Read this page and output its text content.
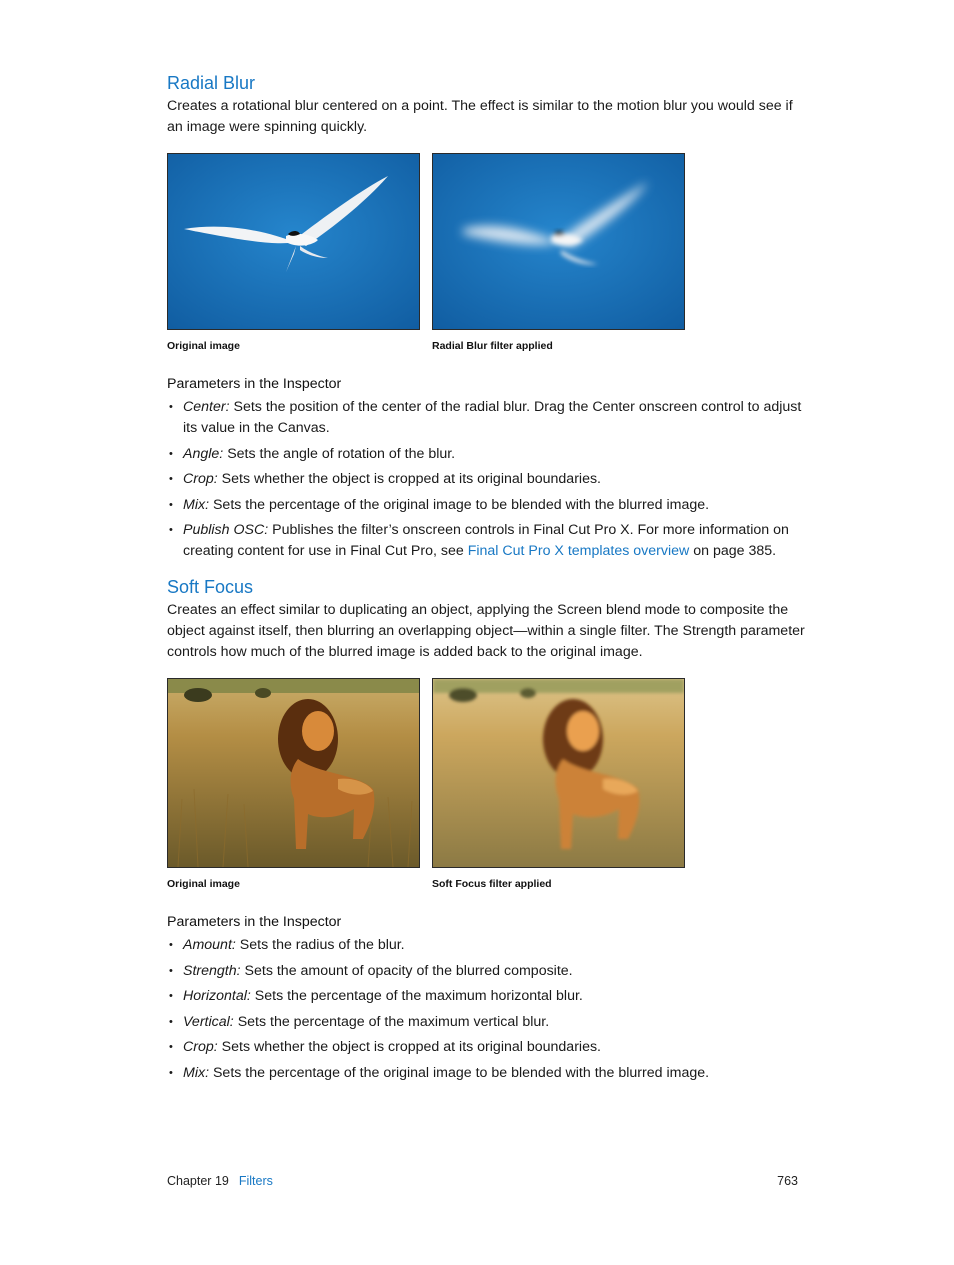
Radial Blur

Creates a rotational blur centered on a point. The effect is similar to the motion blur you would see if an image were spinning quickly.

Original image	Radial Blur filter applied
Parameters in the Inspector
• Center: Sets the position of the center of the radial blur. Drag the Center onscreen control to adjust its value in the Canvas.
• Angle: Sets the angle of rotation of the blur.
• Crop: Sets whether the object is cropped at its original boundaries.
• Mix: Sets the percentage of the original image to be blended with the blurred image.
• Publish OSC: Publishes the filter’s onscreen controls in Final Cut Pro X. For more information on creating content for use in Final Cut Pro, see Final Cut Pro X templates overview on page 385.
Soft Focus

Creates an effect similar to duplicating an object, applying the Screen blend mode to composite the object against itself, then blurring an overlapping object—within a single filter. The Strength parameter controls how much of the blurred image is added back to the original image.

Original image	Soft Focus filter applied
Parameters in the Inspector
• Amount: Sets the radius of the blur.
• Strength: Sets the amount of opacity of the blurred composite.
• Horizontal: Sets the percentage of the maximum horizontal blur.
• Vertical: Sets the percentage of the maximum vertical blur.
• Crop: Sets whether the object is cropped at its original boundaries.
• Mix: Sets the percentage of the original image to be blended with the blurred image.
Chapter 19 Filters	763
